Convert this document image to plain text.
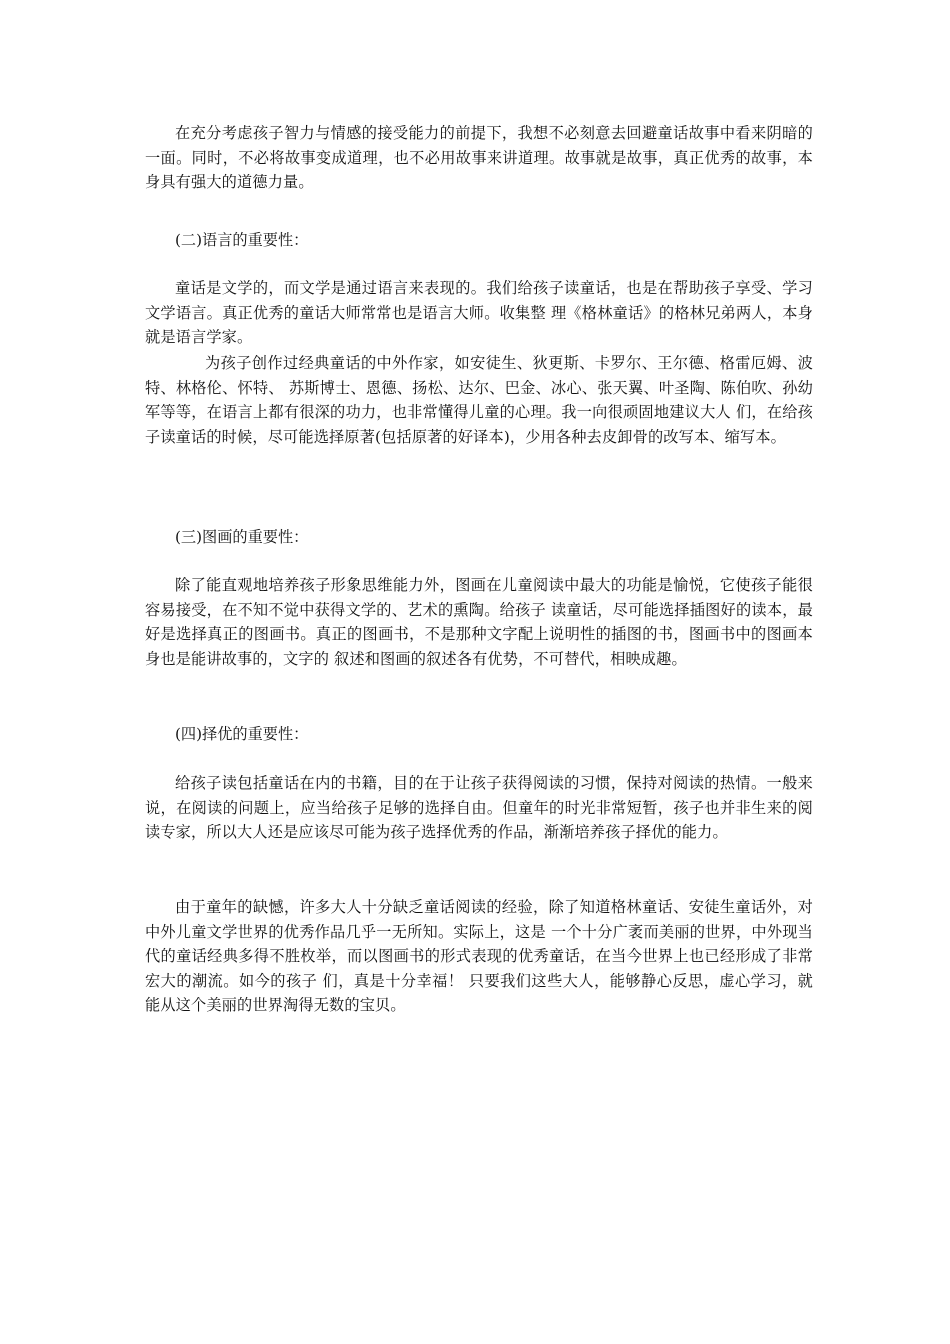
在充分考虑孩子智力与情感的接受能力的前提下，我想不必刻意去回避童话故事中看来阴暗的一面。同时，不必将故事变成道理，也不必用故事来讲道理。故事就是故事，真正优秀的故事，本身具有强大的道德力量。

(二)语言的重要性：

童话是文学的，而文学是通过语言来表现的。我们给孩子读童话，也是在帮助孩子享受、学习文学语言。真正优秀的童话大师常常也是语言大师。收集整 理《格林童话》的格林兄弟两人，本身就是语言学家。

为孩子创作过经典童话的中外作家，如安徒生、狄更斯、卡罗尔、王尔德、格雷厄姆、波特、林格伦、怀特、 苏斯博士、恩德、扬松、达尔、巴金、冰心、张天翼、叶圣陶、陈伯吹、孙幼军等等，在语言上都有很深的功力，也非常懂得儿童的心理。我一向很顽固地建议大人 们，在给孩子读童话的时候，尽可能选择原著(包括原著的好译本)，少用各种去皮卸骨的改写本、缩写本。

(三)图画的重要性：

除了能直观地培养孩子形象思维能力外，图画在儿童阅读中最大的功能是愉悦，它使孩子能很容易接受，在不知不觉中获得文学的、艺术的熏陶。给孩子 读童话，尽可能选择插图好的读本，最好是选择真正的图画书。真正的图画书，不是那种文字配上说明性的插图的书，图画书中的图画本身也是能讲故事的，文字的 叙述和图画的叙述各有优势，不可替代，相映成趣。

(四)择优的重要性：

给孩子读包括童话在内的书籍，目的在于让孩子获得阅读的习惯，保持对阅读的热情。一般来说，在阅读的问题上，应当给孩子足够的选择自由。但童年的时光非常短暂，孩子也并非生来的阅读专家，所以大人还是应该尽可能为孩子选择优秀的作品，渐渐培养孩子择优的能力。

由于童年的缺憾，许多大人十分缺乏童话阅读的经验，除了知道格林童话、安徒生童话外，对中外儿童文学世界的优秀作品几乎一无所知。实际上，这是 一个十分广袤而美丽的世界，中外现当代的童话经典多得不胜枚举，而以图画书的形式表现的优秀童话，在当今世界上也已经形成了非常宏大的潮流。如今的孩子 们，真是十分幸福！ 只要我们这些大人，能够静心反思，虚心学习，就能从这个美丽的世界淘得无数的宝贝。
